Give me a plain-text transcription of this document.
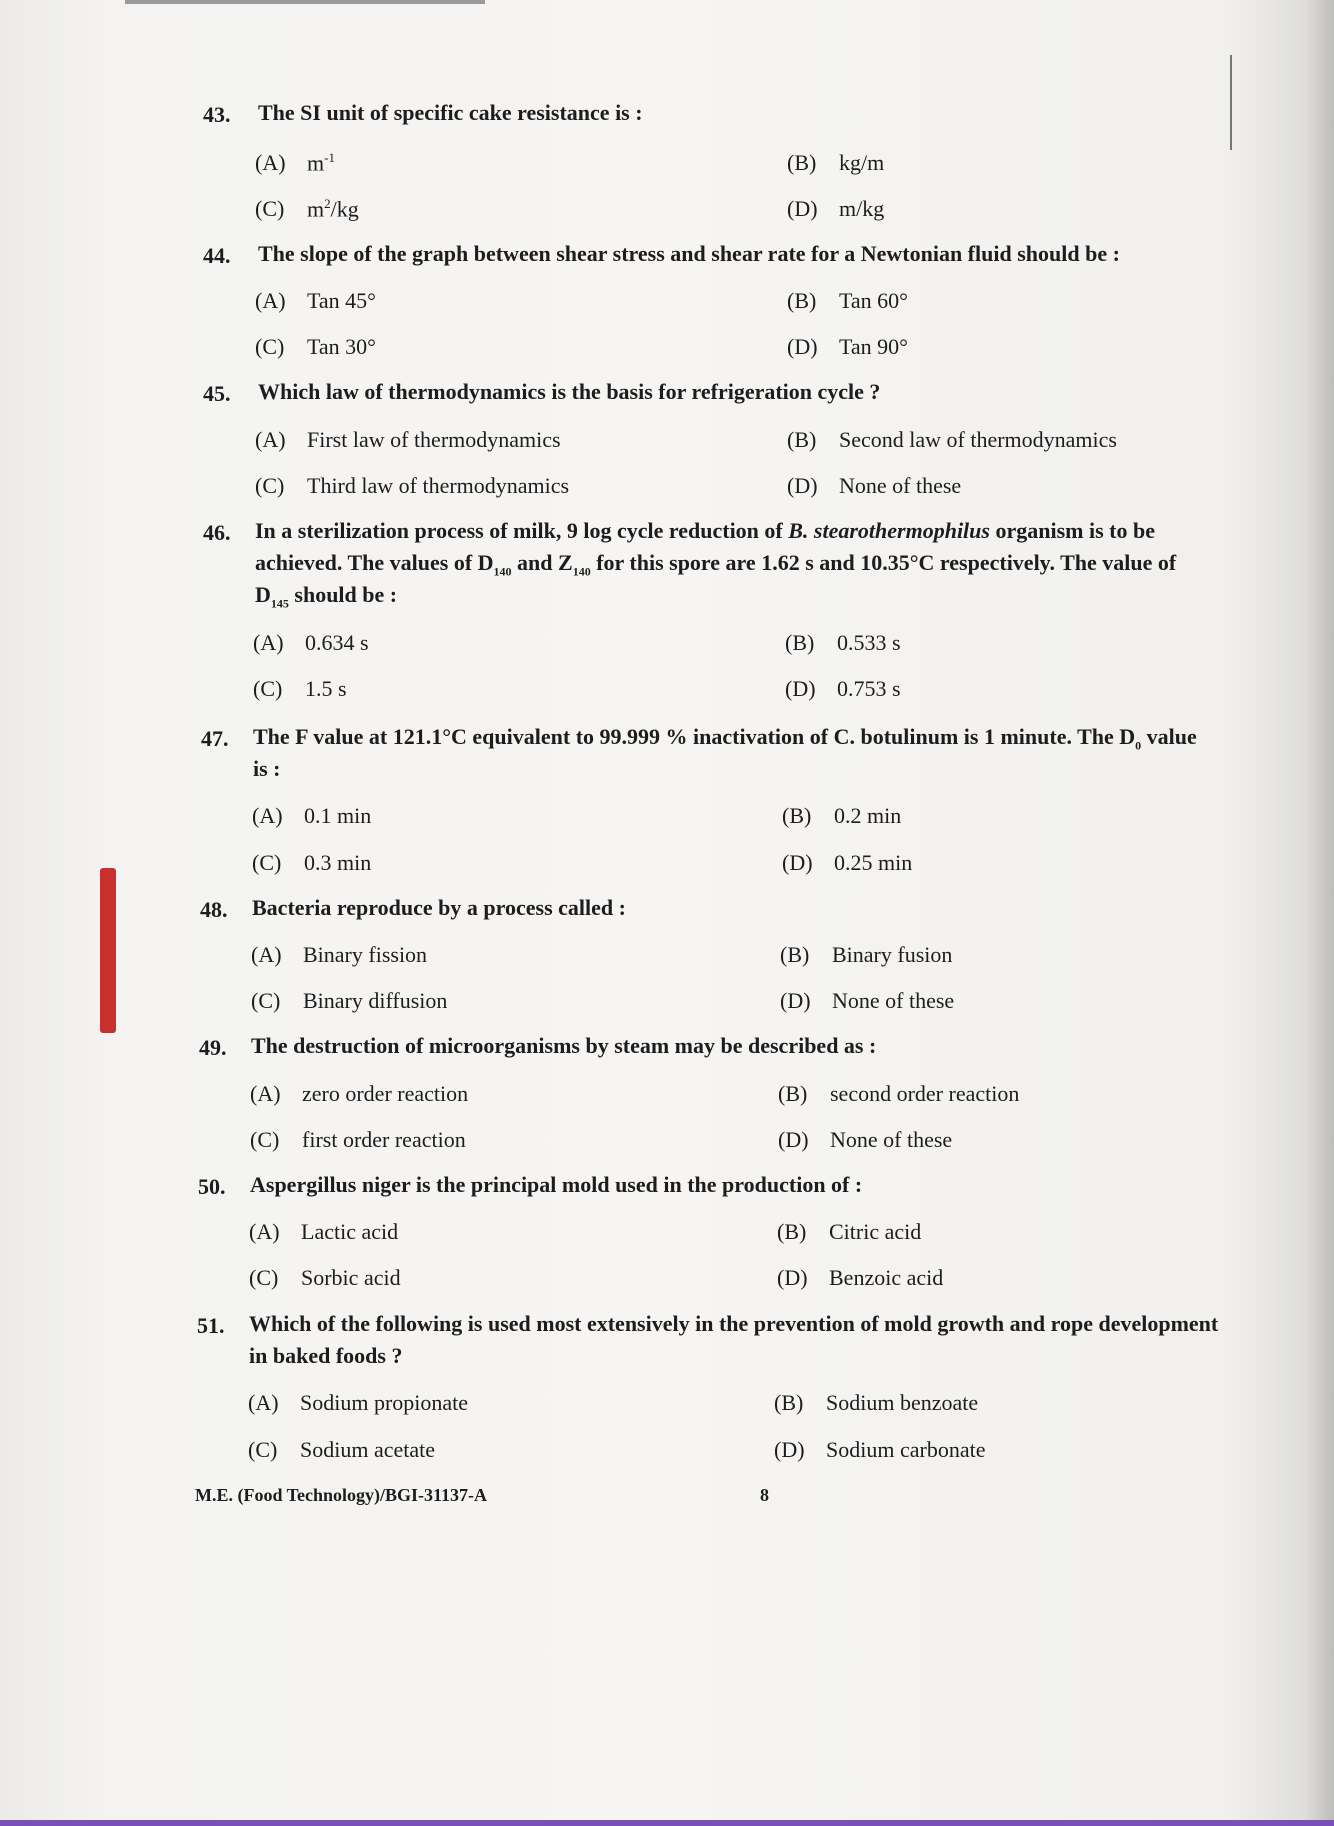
43. The SI unit of specific cake resistance is :
(A) $m^{-1}$	(B) kg/m
(C) $m^2/kg$	(D) m/kg
44. The slope of the graph between shear stress and shear rate for a Newtonian fluid should be :
(A) Tan 45°	(B) Tan 60°
(C) Tan 30°	(D) Tan 90°
45. Which law of thermodynamics is the basis for refrigeration cycle ?
(A) First law of thermodynamics	(B) Second law of thermodynamics
(C) Third law of thermodynamics	(D) None of these
46. In a sterilization process of milk, 9 log cycle reduction of B. stearothermophilus organism is to be
achieved. The values of $D_{140}$ and $Z_{140}$ for this spore are 1.62 s and 10.35°C respectively. The value of
$D_{145}$ should be :
(A) 0.634 s	(B) 0.533 s
(C) 1.5 s	(D) 0.753 s
47. The F value at 121.1°C equivalent to 99.999 % inactivation of C. botulinum is 1 minute. The $D_0$ value
is :
(A) 0.1 min	(B) 0.2 min
(C) 0.3 min	(D) 0.25 min
48. Bacteria reproduce by a process called :
(A) Binary fission	(B) Binary fusion
(C) Binary diffusion	(D) None of these
49. The destruction of microorganisms by steam may be described as :
(A) zero order reaction	(B) second order reaction
(C) first order reaction	(D) None of these
50. Aspergillus niger is the principal mold used in the production of :
(A) Lactic acid	(B) Citric acid
(C) Sorbic acid	(D) Benzoic acid
51. Which of the following is used most extensively in the prevention of mold growth and rope development
in baked foods ?
(A) Sodium propionate	(B) Sodium benzoate
(C) Sodium acetate	(D) Sodium carbonate
M.E. (Food Technology)/BGI-31137-A	8
